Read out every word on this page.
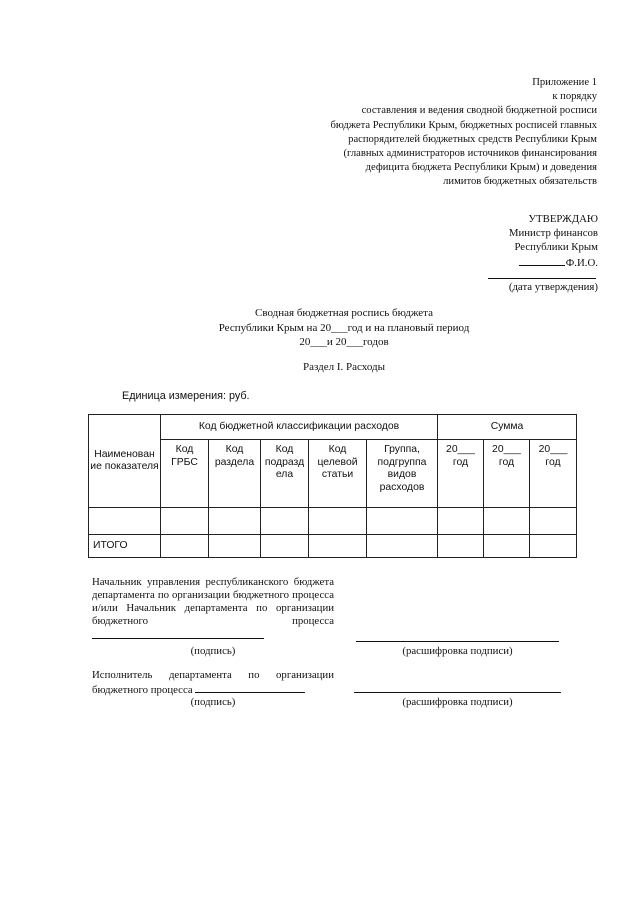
Приложение 1
к порядку
составления и ведения сводной бюджетной росписи
бюджета Республики Крым, бюджетных росписей главных
распорядителей бюджетных средств Республики Крым
(главных администраторов источников финансирования
дефицита бюджета Республики Крым) и доведения
лимитов бюджетных обязательств
УТВЕРЖДАЮ
Министр финансов
Республики Крым
Ф.И.О.
(дата утверждения)
Сводная бюджетная роспись бюджета
Республики Крым на 20___год и на плановый период
20___и 20___годов
Раздел I. Расходы
Единица измерения: руб.
Наименован ие показателя	Код бюджетной классификации расходов					Сумма		
	Код ГРБС	Код раздела	Код подразд ела	Код целевой статьи	Группа, подгруппа видов расходов	20___ год	20___ год	20___ год

ИТОГО								
Начальник управления республиканского бюджета департамента по организации бюджетного процесса и/или Начальник департамента по организации бюджетного процесса
(подпись)	(расшифровка подписи)
Исполнитель департамента по организации бюджетного процесса
(подпись)	(расшифровка подписи)
